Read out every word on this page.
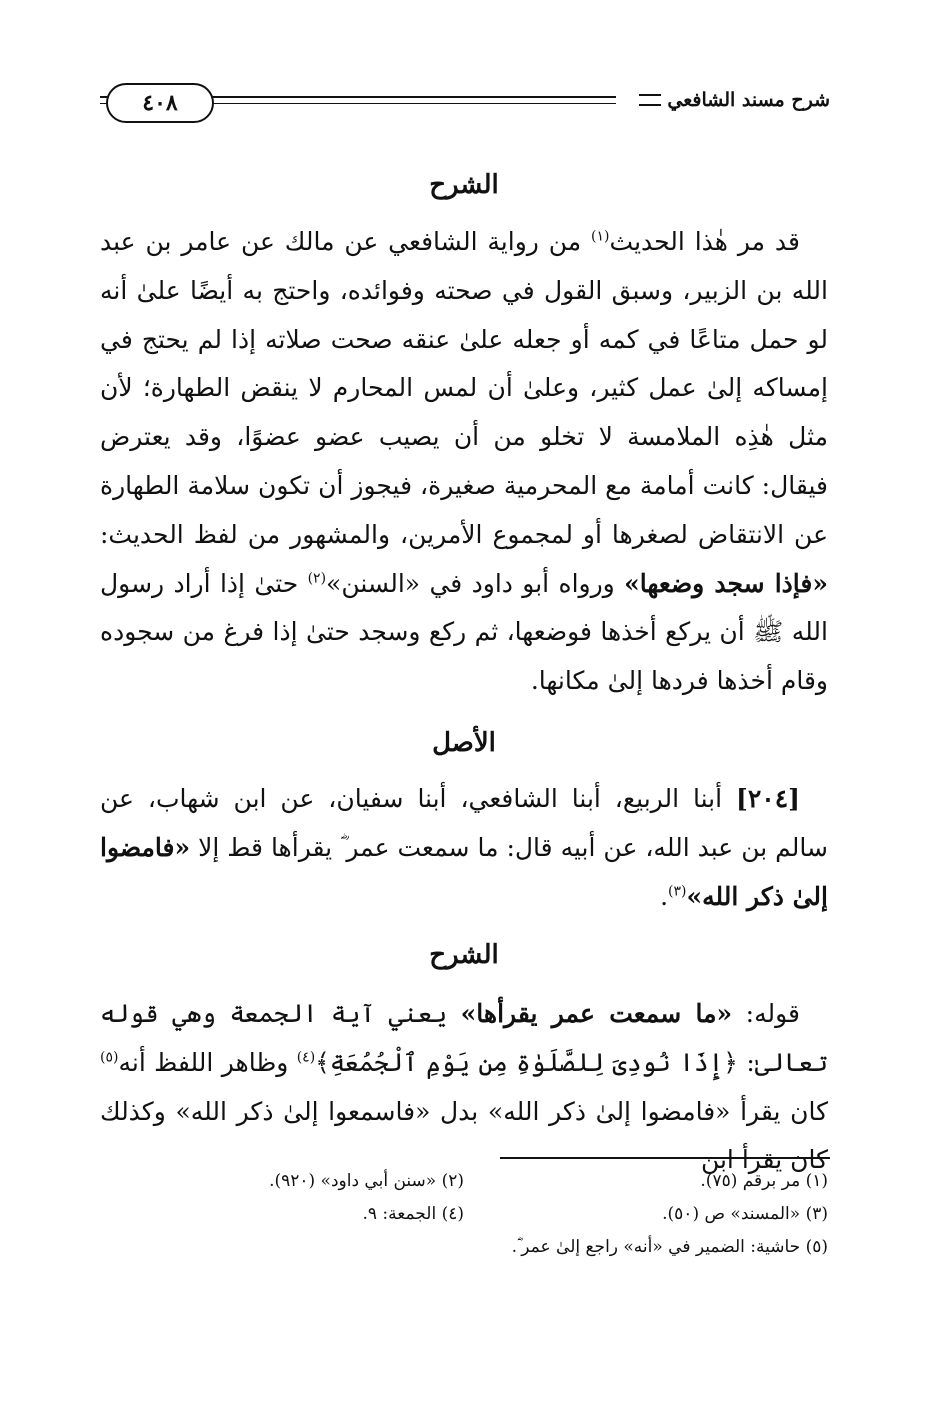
٤٠٨	شرح مسند الشافعي
الشرح

قد مر هٰذا الحديث$^{(١)}$ من رواية الشافعي عن مالك عن عامر بن عبد الله بن الزبير، وسبق القول في صحته وفوائده، واحتج به أيضًا علىٰ أنه لو حمل متاعًا في كمه أو جعله علىٰ عنقه صحت صلاته إذا لم يحتج في إمساكه إلىٰ عمل كثير، وعلىٰ أن لمس المحارم لا ينقض الطهارة؛ لأن مثل هٰذِه الملامسة لا تخلو من أن يصيب عضو عضوًا، وقد يعترض فيقال: كانت أمامة مع المحرمية صغيرة، فيجوز أن تكون سلامة الطهارة عن الانتقاض لصغرها أو لمجموع الأمرين، والمشهور من لفظ الحديث: «فإذا سجد وضعها» ورواه أبو داود في «السنن»$^{(٢)}$ حتىٰ إذا أراد رسول الله ﷺ أن يركع أخذها فوضعها، ثم ركع وسجد حتىٰ إذا فرغ من سجوده وقام أخذها فردها إلىٰ مكانها.

الأصل

[٢٠٤] أبنا الربيع، أبنا الشافعي، أبنا سفيان، عن ابن شهاب، عن سالم بن عبد الله، عن أبيه قال: ما سمعت عمر ؓ يقرأها قط إلا «فامضوا إلىٰ ذكر الله»$^{(٣)}$.

الشرح

قوله: «ما سمعت عمر يقرأها» يعني آية الجمعة وهي قوله تعالىٰ: ﴿إِذَا نُودِىَ لِلصَّلَوٰةِ مِن يَوْمِ ٱلْجُمُعَةِ﴾$^{(٤)}$ وظاهر اللفظ أنه$^{(٥)}$ كان يقرأ «فامضوا إلىٰ ذكر الله» بدل «فاسمعوا إلىٰ ذكر الله» وكذلك كان يقرأ ابن

(١) مر برقم (٧٥).
(٢) «سنن أبي داود» (٩٢٠).
(٣) «المسند» ص (٥٠).
(٤) الجمعة: ٩.
(٥) حاشية: الضمير في «أنه» راجع إلىٰ عمر ؓ.
